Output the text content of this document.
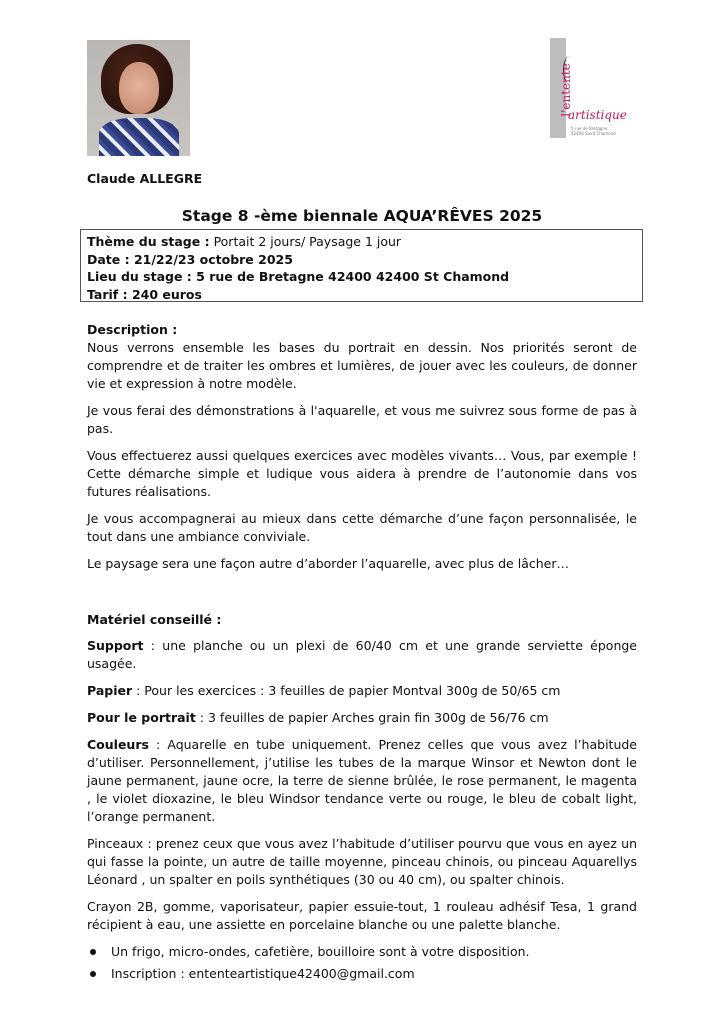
l'entente
artistique
5 rue de Bretagne
42400 Saint Chamond
Claude ALLEGRE
Stage 8 -ème biennale AQUA’RÊVES 2025
Thème du stage : Portait 2 jours/ Paysage 1 jour
Date : 21/22/23 octobre 2025
Lieu du stage : 5 rue de Bretagne 42400 42400 St Chamond
Tarif : 240 euros

Description :

Nous verrons ensemble les bases du portrait en dessin. Nos priorités seront de comprendre et de traiter les ombres et lumières, de jouer avec les couleurs, de donner vie et expression à notre modèle.

Je vous ferai des démonstrations à l'aquarelle, et vous me suivrez sous forme de pas à pas.

Vous effectuerez aussi quelques exercices avec modèles vivants… Vous, par exemple ! Cette démarche simple et ludique vous aidera à prendre de l’autonomie dans vos futures réalisations.

Je vous accompagnerai au mieux dans cette démarche d’une façon personnalisée, le tout dans une ambiance conviviale.

Le paysage sera une façon autre d’aborder l’aquarelle, avec plus de lâcher…

Matériel conseillé :

Support : une planche ou un plexi de 60/40 cm et une grande serviette éponge usagée.

Papier : Pour les exercices : 3 feuilles de papier Montval 300g de 50/65 cm

Pour le portrait : 3 feuilles de papier Arches grain fin 300g de 56/76 cm

Couleurs : Aquarelle en tube uniquement. Prenez celles que vous avez l’habitude d’utiliser. Personnellement, j’utilise les tubes de la marque Winsor et Newton dont le jaune permanent, jaune ocre, la terre de sienne brûlée, le rose permanent, le magenta , le violet dioxazine, le bleu Windsor tendance verte ou rouge, le bleu de cobalt light, l’orange permanent.

Pinceaux : prenez ceux que vous avez l’habitude d’utiliser pourvu que vous en ayez un qui fasse la pointe, un autre de taille moyenne, pinceau chinois, ou pinceau Aquarellys Léonard , un spalter en poils synthétiques (30 ou 40 cm), ou spalter chinois.

Crayon 2B, gomme, vaporisateur, papier essuie-tout, 1 rouleau adhésif Tesa, 1 grand récipient à eau, une assiette en porcelaine blanche ou une palette blanche.

Un frigo, micro-ondes, cafetière, bouilloire sont à votre disposition.
Inscription : ententeartistique42400@gmail.com
